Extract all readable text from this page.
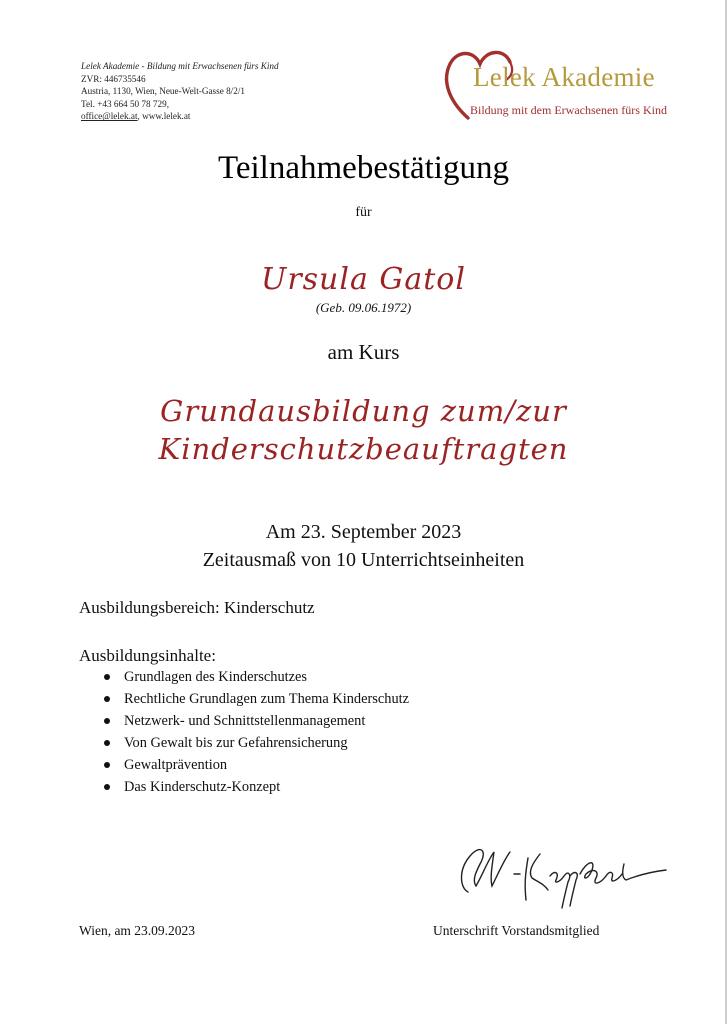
Lelek Akademie - Bildung mit Erwachsenen fürs Kind
ZVR: 446735546
Austria, 1130, Wien, Neue-Welt-Gasse 8/2/1
Tel. +43 664 50 78 729,
office@lelek.at, www.lelek.at
Lelek Akademie
Bildung mit dem Erwachsenen fürs Kind
Teilnahmebestätigung
für
Ursula Gatol
(Geb. 09.06.1972)
am Kurs
Grundausbildung zum/zur
Kinderschutzbeauftragten
Am 23. September 2023
Zeitausmaß von 10 Unterrichtseinheiten
Ausbildungsbereich: Kinderschutz
Ausbildungsinhalte:
Grundlagen des Kinderschutzes
Rechtliche Grundlagen zum Thema Kinderschutz
Netzwerk- und Schnittstellenmanagement
Von Gewalt bis zur Gefahrensicherung
Gewaltprävention
Das Kinderschutz-Konzept
Wien, am 23.09.2023	Unterschrift Vorstandsmitglied
